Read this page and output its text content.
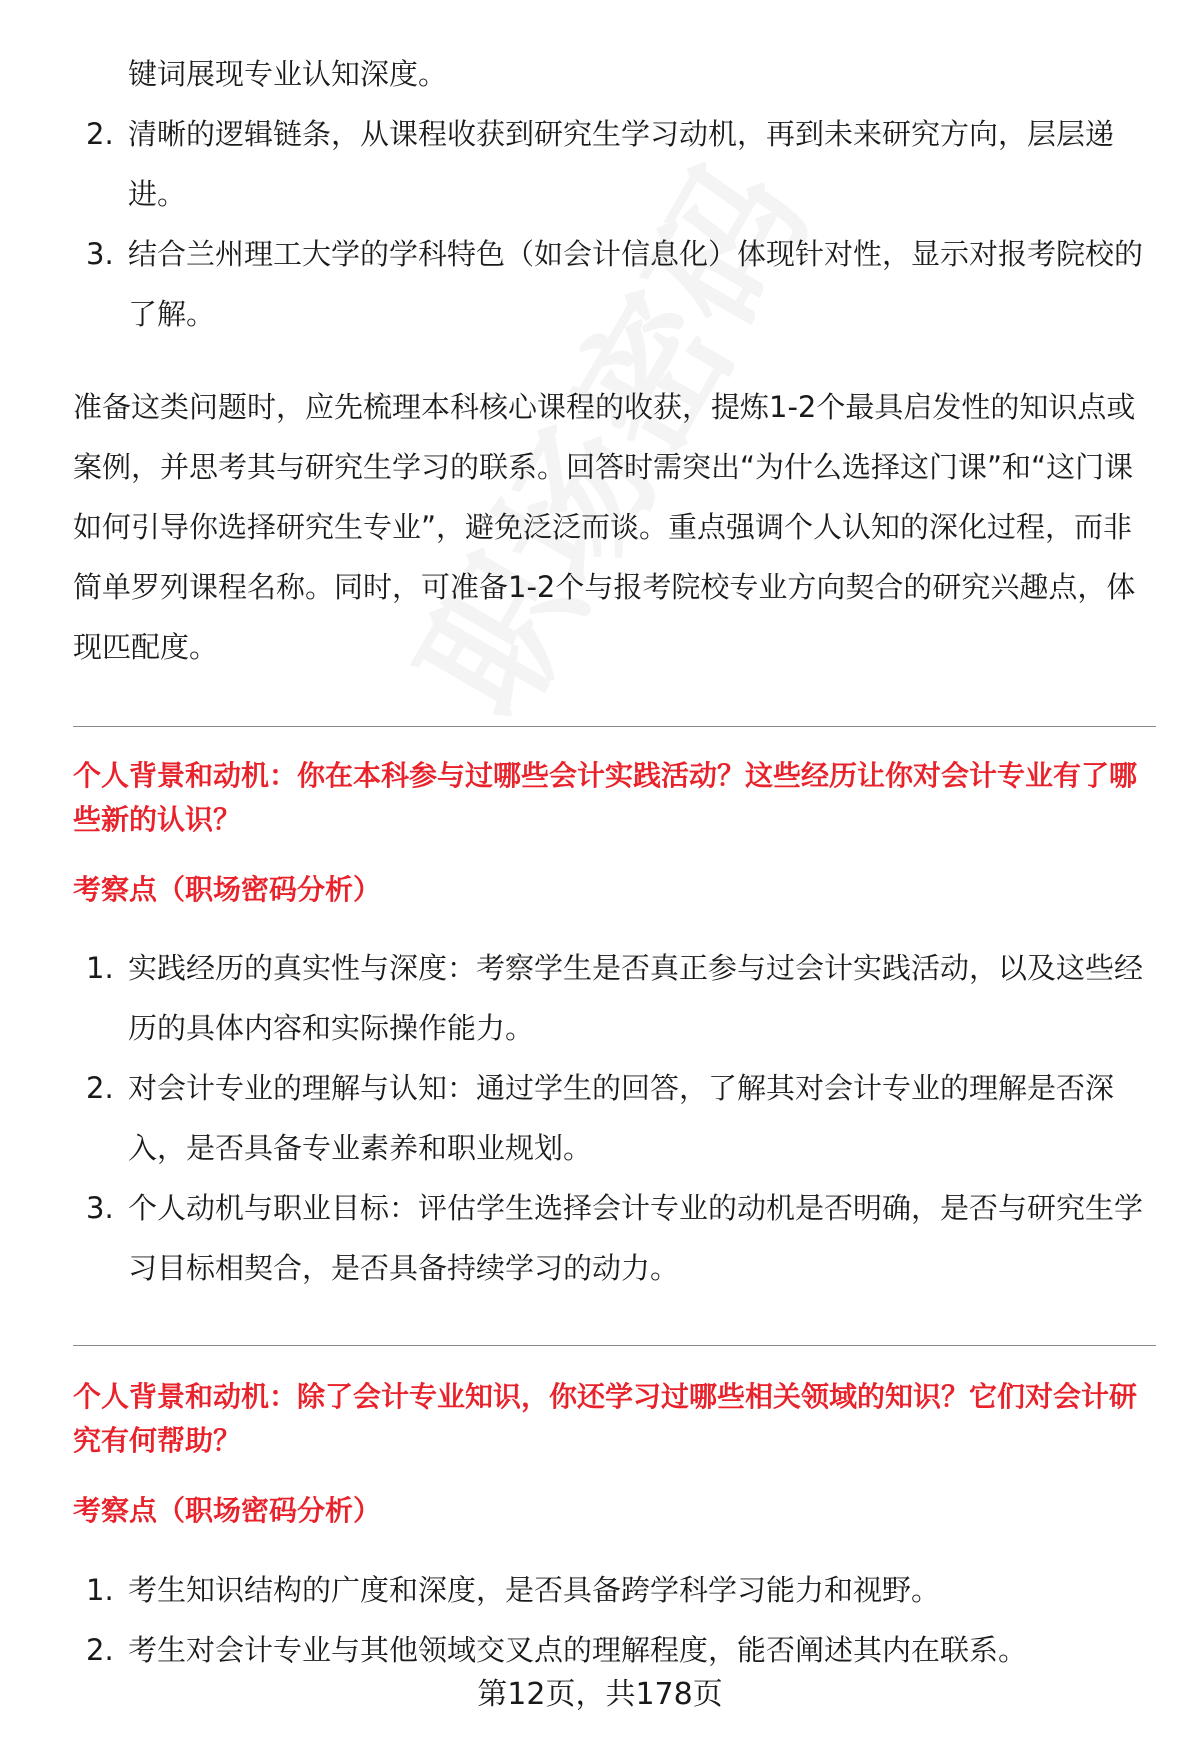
键词展现专业认知深度。
2. 清晰的逻辑链条，从课程收获到研究生学习动机，再到未来研究方向，层层递进。
3. 结合兰州理工大学的学科特色（如会计信息化）体现针对性，显示对报考院校的了解。
准备这类问题时，应先梳理本科核心课程的收获，提炼1-2个最具启发性的知识点或案例，并思考其与研究生学习的联系。回答时需突出“为什么选择这门课”和“这门课如何引导你选择研究生专业”，避免泛泛而谈。重点强调个人认知的深化过程，而非简单罗列课程名称。同时，可准备1-2个与报考院校专业方向契合的研究兴趣点，体现匹配度。
个人背景和动机：你在本科参与过哪些会计实践活动？这些经历让你对会计专业有了哪些新的认识？
考察点（职场密码分析）
1. 实践经历的真实性与深度：考察学生是否真正参与过会计实践活动，以及这些经历的具体内容和实际操作能力。
2. 对会计专业的理解与认知：通过学生的回答，了解其对会计专业的理解是否深入，是否具备专业素养和职业规划。
3. 个人动机与职业目标：评估学生选择会计专业的动机是否明确，是否与研究生学习目标相契合，是否具备持续学习的动力。
个人背景和动机：除了会计专业知识，你还学习过哪些相关领域的知识？它们对会计研究有何帮助？
考察点（职场密码分析）
1. 考生知识结构的广度和深度，是否具备跨学科学习能力和视野。
2. 考生对会计专业与其他领域交叉点的理解程度，能否阐述其内在联系。
第12页，共178页
